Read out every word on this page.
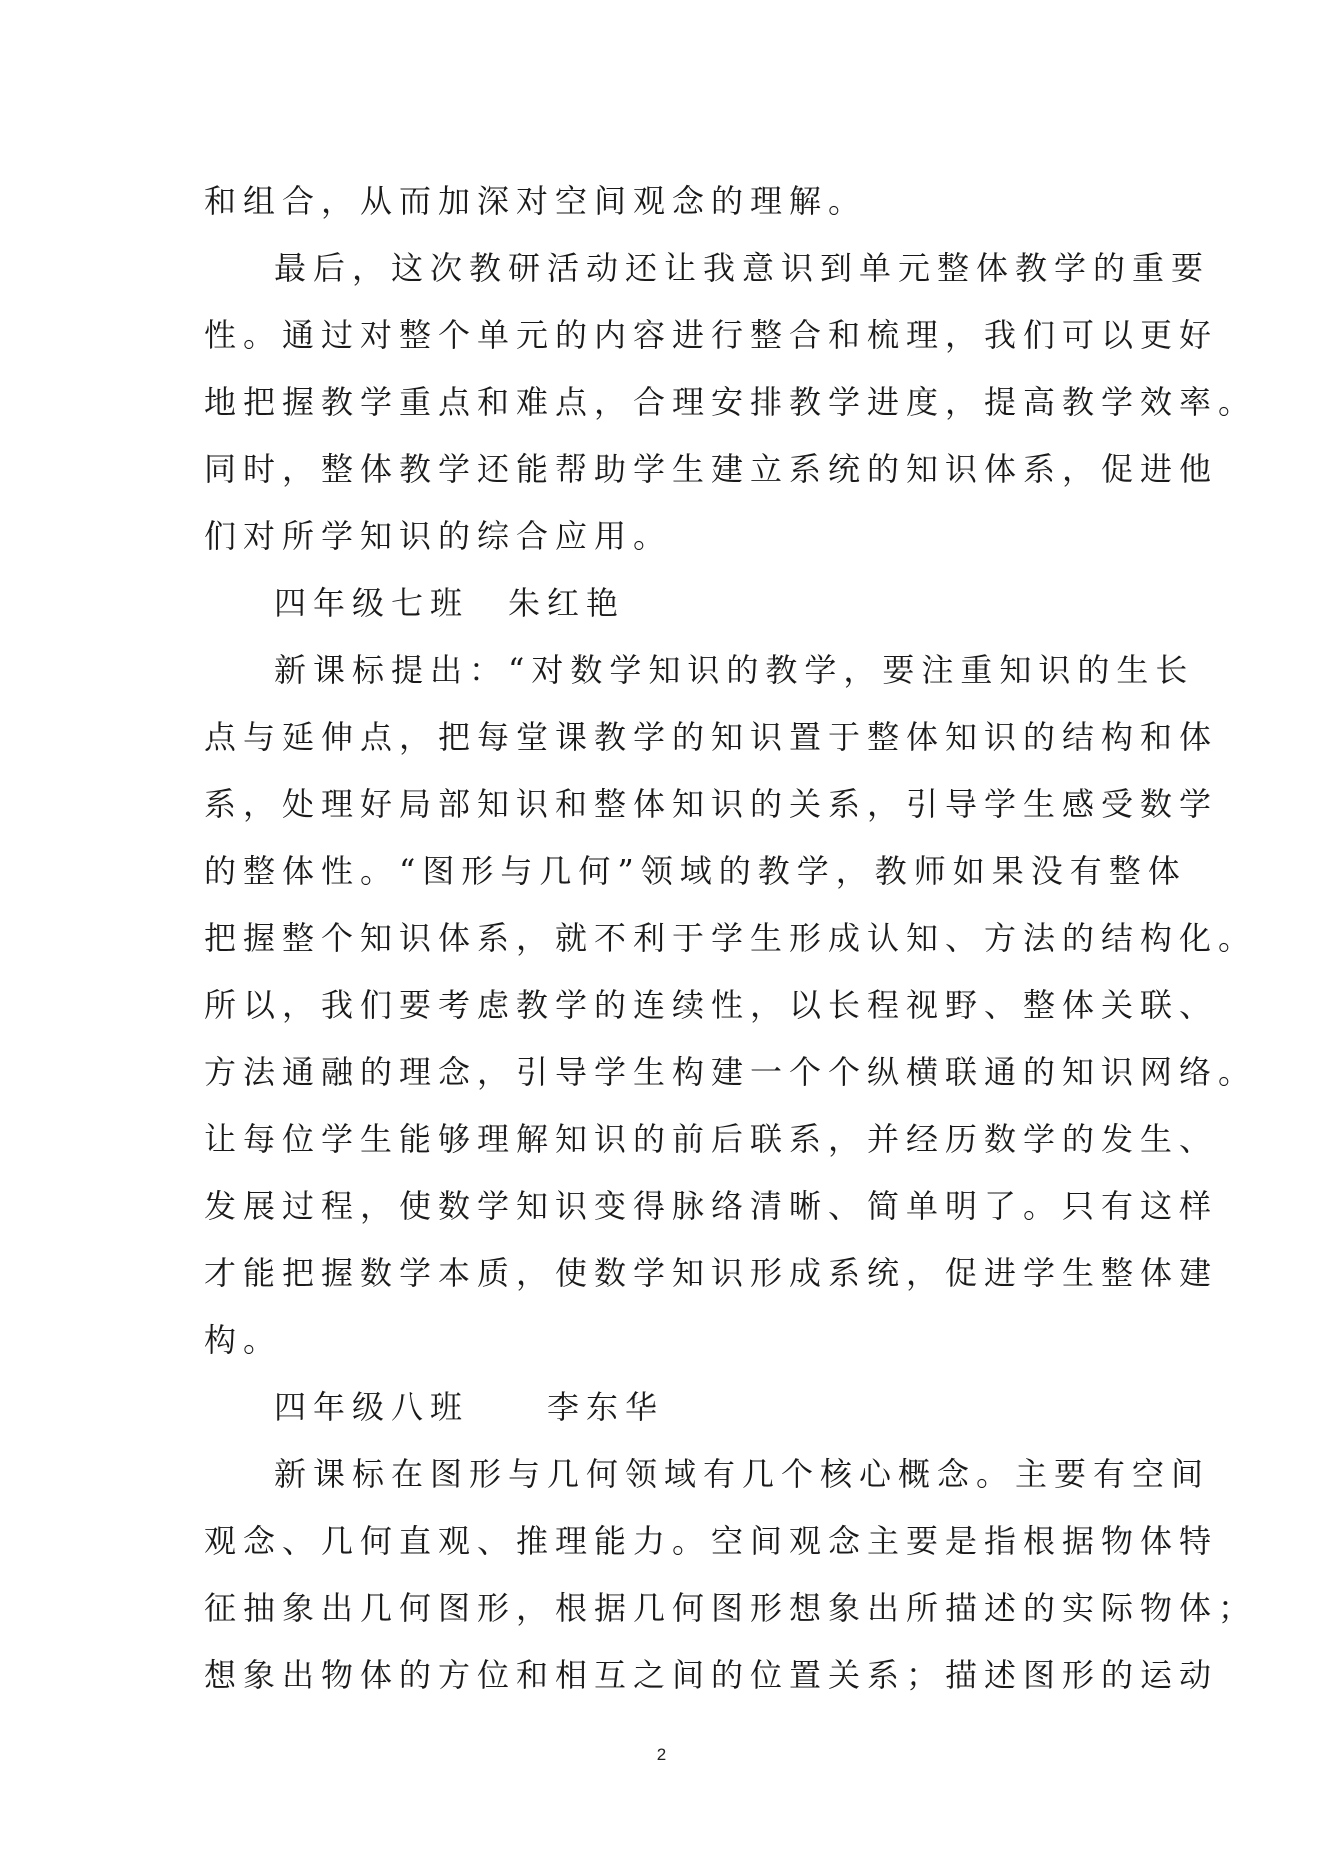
和组合，从而加深对空间观念的理解。
最后，这次教研活动还让我意识到单元整体教学的重要
性。通过对整个单元的内容进行整合和梳理，我们可以更好
地把握教学重点和难点，合理安排教学进度，提高教学效率。
同时，整体教学还能帮助学生建立系统的知识体系，促进他
们对所学知识的综合应用。
四年级七班　朱红艳
新课标提出：“对数学知识的教学，要注重知识的生长
点与延伸点，把每堂课教学的知识置于整体知识的结构和体
系，处理好局部知识和整体知识的关系，引导学生感受数学
的整体性。“图形与几何”领域的教学，教师如果没有整体
把握整个知识体系，就不利于学生形成认知、方法的结构化。
所以，我们要考虑教学的连续性，以长程视野、整体关联、
方法通融的理念，引导学生构建一个个纵横联通的知识网络。
让每位学生能够理解知识的前后联系，并经历数学的发生、
发展过程，使数学知识变得脉络清晰、简单明了。只有这样
才能把握数学本质，使数学知识形成系统，促进学生整体建
构。
四年级八班　　李东华
新课标在图形与几何领域有几个核心概念。主要有空间
观念、几何直观、推理能力。空间观念主要是指根据物体特
征抽象出几何图形，根据几何图形想象出所描述的实际物体；
想象出物体的方位和相互之间的位置关系；描述图形的运动
2
